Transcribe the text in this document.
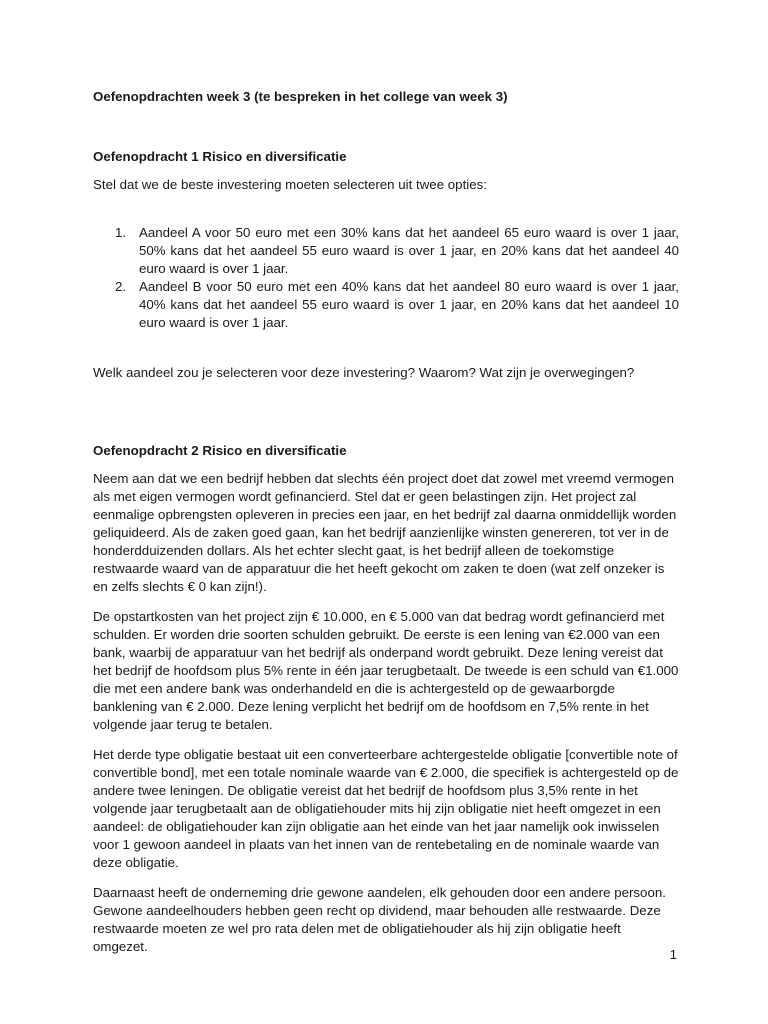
Oefenopdrachten week 3 (te bespreken in het college van week 3)

Oefenopdracht 1 Risico en diversificatie

Stel dat we de beste investering moeten selecteren uit twee opties:

1. Aandeel A voor 50 euro met een 30% kans dat het aandeel 65 euro waard is over 1 jaar, 50% kans dat het aandeel 55 euro waard is over 1 jaar, en 20% kans dat het aandeel 40 euro waard is over 1 jaar.
2. Aandeel B voor 50 euro met een 40% kans dat het aandeel 80 euro waard is over 1 jaar, 40% kans dat het aandeel 55 euro waard is over 1 jaar, en 20% kans dat het aandeel 10 euro waard is over 1 jaar.

Welk aandeel zou je selecteren voor deze investering? Waarom? Wat zijn je overwegingen?

Oefenopdracht 2 Risico en diversificatie

Neem aan dat we een bedrijf hebben dat slechts één project doet dat zowel met vreemd vermogen als met eigen vermogen wordt gefinancierd. Stel dat er geen belastingen zijn. Het project zal eenmalige opbrengsten opleveren in precies een jaar, en het bedrijf zal daarna onmiddellijk worden geliquideerd. Als de zaken goed gaan, kan het bedrijf aanzienlijke winsten genereren, tot ver in de honderdduizenden dollars. Als het echter slecht gaat, is het bedrijf alleen de toekomstige restwaarde waard van de apparatuur die het heeft gekocht om zaken te doen (wat zelf onzeker is en zelfs slechts € 0 kan zijn!).

De opstartkosten van het project zijn € 10.000, en € 5.000 van dat bedrag wordt gefinancierd met schulden. Er worden drie soorten schulden gebruikt. De eerste is een lening van €2.000 van een bank, waarbij de apparatuur van het bedrijf als onderpand wordt gebruikt. Deze lening vereist dat het bedrijf de hoofdsom plus 5% rente in één jaar terugbetaalt. De tweede is een schuld van €1.000 die met een andere bank was onderhandeld en die is achtergesteld op de gewaarborgde banklening van € 2.000. Deze lening verplicht het bedrijf om de hoofdsom en 7,5% rente in het volgende jaar terug te betalen.

Het derde type obligatie bestaat uit een converteerbare achtergestelde obligatie [convertible note of convertible bond], met een totale nominale waarde van € 2.000, die specifiek is achtergesteld op de andere twee leningen. De obligatie vereist dat het bedrijf de hoofdsom plus 3,5% rente in het volgende jaar terugbetaalt aan de obligatiehouder mits hij zijn obligatie niet heeft omgezet in een aandeel: de obligatiehouder kan zijn obligatie aan het einde van het jaar namelijk ook inwisselen voor 1 gewoon aandeel in plaats van het innen van de rentebetaling en de nominale waarde van deze obligatie.

Daarnaast heeft de onderneming drie gewone aandelen, elk gehouden door een andere persoon. Gewone aandeelhouders hebben geen recht op dividend, maar behouden alle restwaarde. Deze restwaarde moeten ze wel pro rata delen met de obligatiehouder als hij zijn obligatie heeft omgezet.

1
